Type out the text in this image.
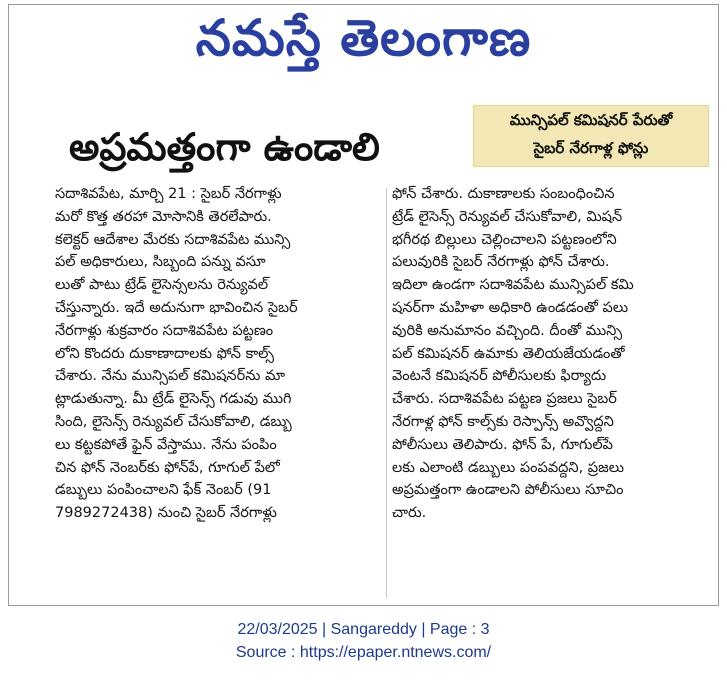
నమస్తే తెలంగాణ
అప్రమత్తంగా ఉండాలి
మున్సిపల్ కమిషనర్ పేరుతో
సైబర్ నేరగాళ్ల ఫోన్లు

సదాశివపేట, మార్చి 21 : సైబర్ నేరగాళ్లు

మరో కొత్త తరహా మోసానికి తెరలేపారు.

కలెక్టర్ ఆదేశాల మేరకు సదాశివపేట మున్సి

పల్ అధికారులు, సిబ్బంది పన్ను వసూ

లుతో పాటు ట్రేడ్ లైసెన్సలను రెన్యువల్

చేస్తున్నారు. ఇదే అదునుగా భావించిన సైబర్

నేరగాళ్లు శుక్రవారం సదాశివపేట పట్టణం

లోని కొందరు దుకాణాదాలకు ఫోన్ కాల్స్

చేశారు. నేను మున్సిపల్ కమిషనర్‌ను మా

ట్లాడుతున్నా. మీ ట్రేడ్ లైసెన్స్ గడువు ముగి

సింది, లైసెన్స్ రెన్యువల్ చేసుకోవాలి, డబ్బు

లు కట్టకపోతే ఫైన్ వేస్తాము. నేను పంపిం

చిన ఫోన్ నెంబర్‌కు ఫోన్‌పే, గూగుల్ పేలో

డబ్బులు పంపించాలని ఫేక్ నెంబర్ (91

7989272438) నుంచి సైబర్ నేరగాళ్లు

ఫోన్ చేశారు. దుకాణాలకు సంబంధించిన

ట్రేడ్ లైసెన్స్ రెన్యువల్ చేసుకోవాలి, మిషన్

భగీరథ బిల్లులు చెల్లించాలని పట్టణంలోని

పలువురికి సైబర్ నేరగాళ్లు ఫోన్ చేశారు.

ఇదిలా ఉండగా సదాశివపేట మున్సిపల్ కమి

షనర్‌గా మహిళా అధికారి ఉండడంతో పలు

వురికి అనుమానం వచ్చింది. దీంతో మున్సి

పల్ కమిషనర్ ఉమాకు తెలియజేయడంతో

వెంటనే కమిషనర్ పోలీసులకు ఫిర్యాదు

చేశారు. సదాశివపేట పట్టణ ప్రజలు సైబర్

నేరగాళ్ల ఫోన్ కాల్స్‌కు రెస్పాన్స్ అవ్వొద్దని

పోలీసులు తెలిపారు. ఫోన్ పే, గూగుల్‌పే

లకు ఎలాంటి డబ్బులు పంపవద్దని, ప్రజలు

అప్రమత్తంగా ఉండాలని పోలీసులు సూచిం

చారు.

22/03/2025 | Sangareddy | Page : 3
Source : https://epaper.ntnews.com/
